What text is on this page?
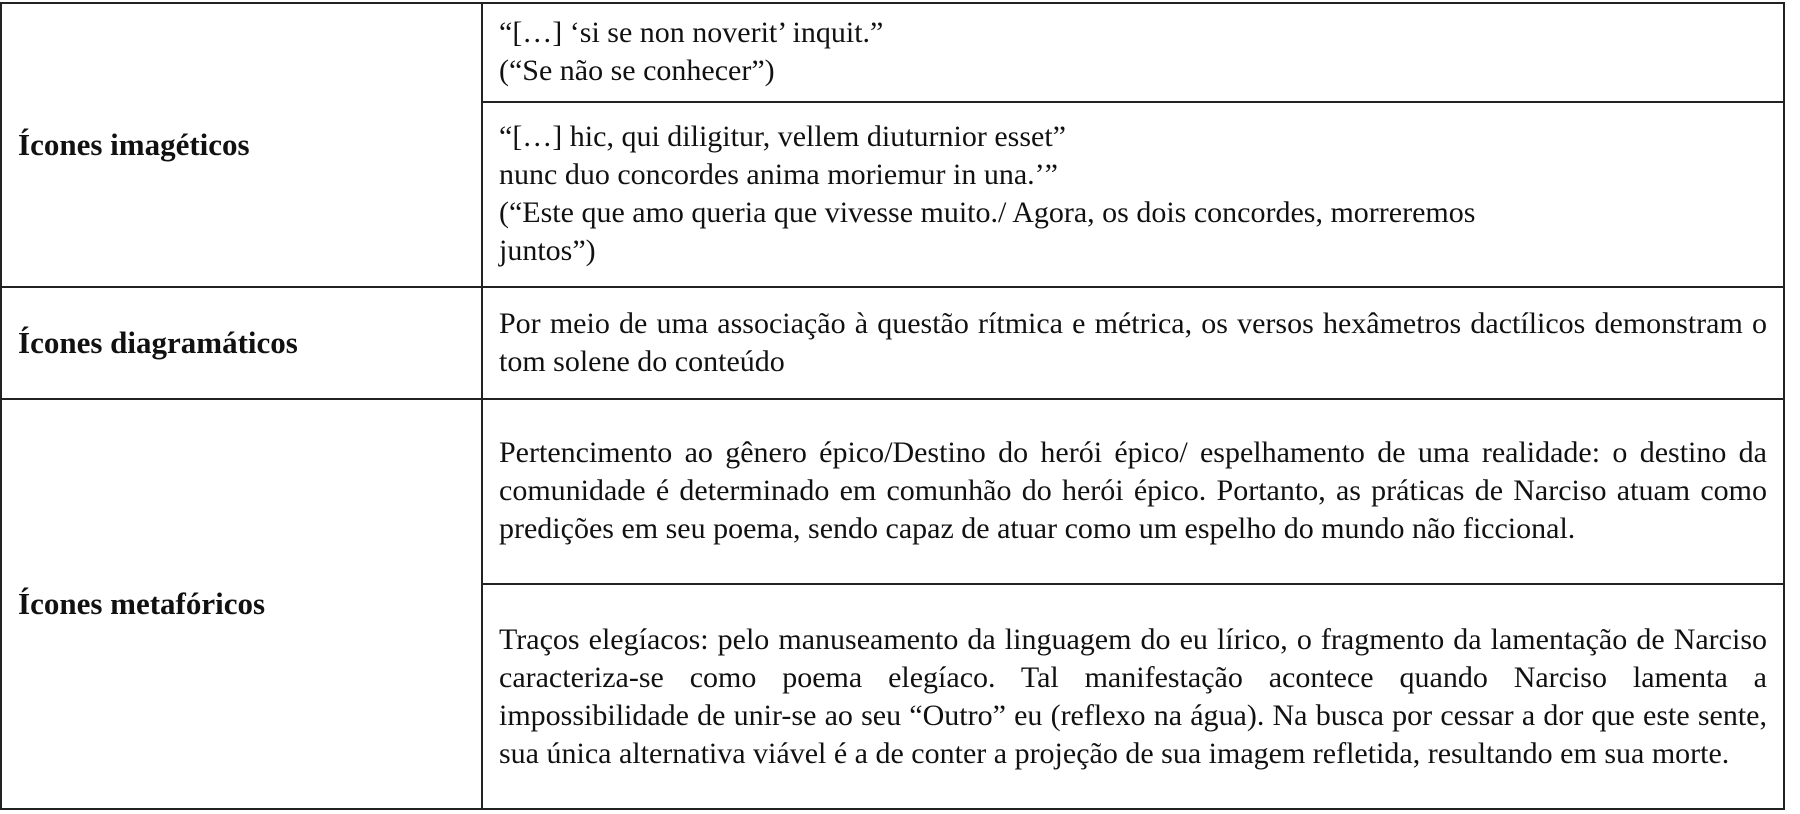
Ícones imagéticos	“[…] ‘si se non noverit’ inquit.”
(“Se não se conhecer”)

	“[…] hic, qui diligitur, vellem diuturnior esset”
nunc duo concordes anima moriemur in una.’”
(“Este que amo queria que vivesse muito./ Agora, os dois concordes, morreremos
juntos”)

Ícones diagramáticos	Por meio de uma associação à questão rítmica e métrica, os versos hexâmetros dactílicos demonstram o tom solene do conteúdo

Ícones metafóricos	Pertencimento ao gênero épico/Destino do herói épico/ espelhamento de uma realidade: o destino da comunidade é determinado em comunhão do herói épico. Portanto, as práticas de Narciso atuam como predições em seu poema, sendo capaz de atuar como um espelho do mundo não ficcional.

	Traços elegíacos: pelo manuseamento da linguagem do eu lírico, o fragmento da lamentação de Narciso caracteriza-se como poema elegíaco. Tal manifestação acontece quando Narciso lamenta a impossibilidade de unir-se ao seu “Outro” eu (reflexo na água). Na busca por cessar a dor que este sente, sua única alternativa viável é a de conter a projeção de sua imagem refletida, resultando em sua morte.
